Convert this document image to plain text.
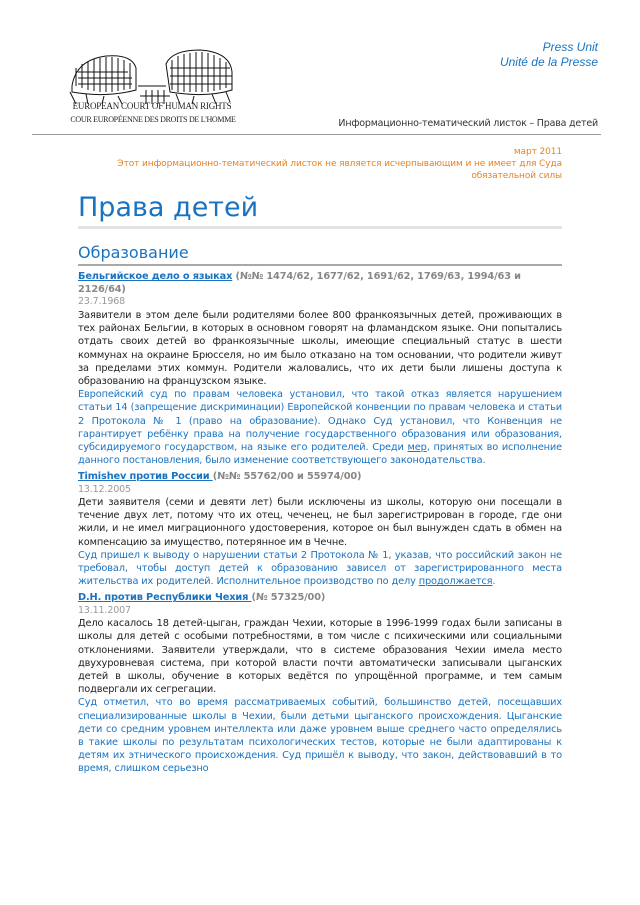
EUROPEAN COURT OF HUMAN RIGHTS
COUR EUROPÉENNE DES DROITS DE L'HOMME
Press Unit
Unité de la Presse
Информационно-тематический листок – Права детей
март 2011
Этот информационно-тематический листок не является исчерпывающим и не имеет для Суда обязательной силы
Права детей
Образование
Бельгийское дело о языках (№№ 1474/62, 1677/62, 1691/62, 1769/63, 1994/63 и 2126/64)
23.7.1968
Заявители в этом деле были родителями более 800 франкоязычных детей, проживающих в тех районах Бельгии, в которых в основном говорят на фламандском языке. Они попытались отдать своих детей во франкоязычные школы, имеющие специальный статус в шести коммунах на окраине Брюсселя, но им было отказано на том основании, что родители живут за пределами этих коммун. Родители жаловались, что их дети были лишены доступа к образованию на французском языке.
Европейский суд по правам человека установил, что такой отказ является нарушением статьи 14 (запрещение дискриминации) Европейской конвенции по правам человека и статьи 2 Протокола № 1 (право на образование). Однако Суд установил, что Конвенция не гарантирует ребёнку права на получение государственного образования или образования, субсидируемого государством, на языке его родителей. Среди мер, принятых во исполнение данного постановления, было изменение соответствующего законодательства.
Timishev против России (№№ 55762/00 и 55974/00)
13.12.2005
Дети заявителя (семи и девяти лет) были исключены из школы, которую они посещали в течение двух лет, потому что их отец, чеченец, не был зарегистрирован в городе, где они жили, и не имел миграционного удостоверения, которое он был вынужден сдать в обмен на компенсацию за имущество, потерянное им в Чечне.
Суд пришел к выводу о нарушении статьи 2 Протокола № 1, указав, что российский закон не требовал, чтобы доступ детей к образованию зависел от зарегистрированного места жительства их родителей. Исполнительное производство по делу продолжается.
D.H. против Республики Чехия (№ 57325/00)
13.11.2007
Дело касалось 18 детей-цыган, граждан Чехии, которые в 1996-1999 годах были записаны в школы для детей с особыми потребностями, в том числе с психическими или социальными отклонениями. Заявители утверждали, что в системе образования Чехии имела место двухуровневая система, при которой власти почти автоматически записывали цыганских детей в школы, обучение в которых ведётся по упрощённой программе, и тем самым подвергали их сегрегации.
Суд отметил, что во время рассматриваемых событий, большинство детей, посещавших специализированные школы в Чехии, были детьми цыганского происхождения. Цыганские дети со средним уровнем интеллекта или даже уровнем выше среднего часто определялись в такие школы по результатам психологических тестов, которые не были адаптированы к детям их этнического происхождения. Суд пришёл к выводу, что закон, действовавший в то время, слишком серьезно
